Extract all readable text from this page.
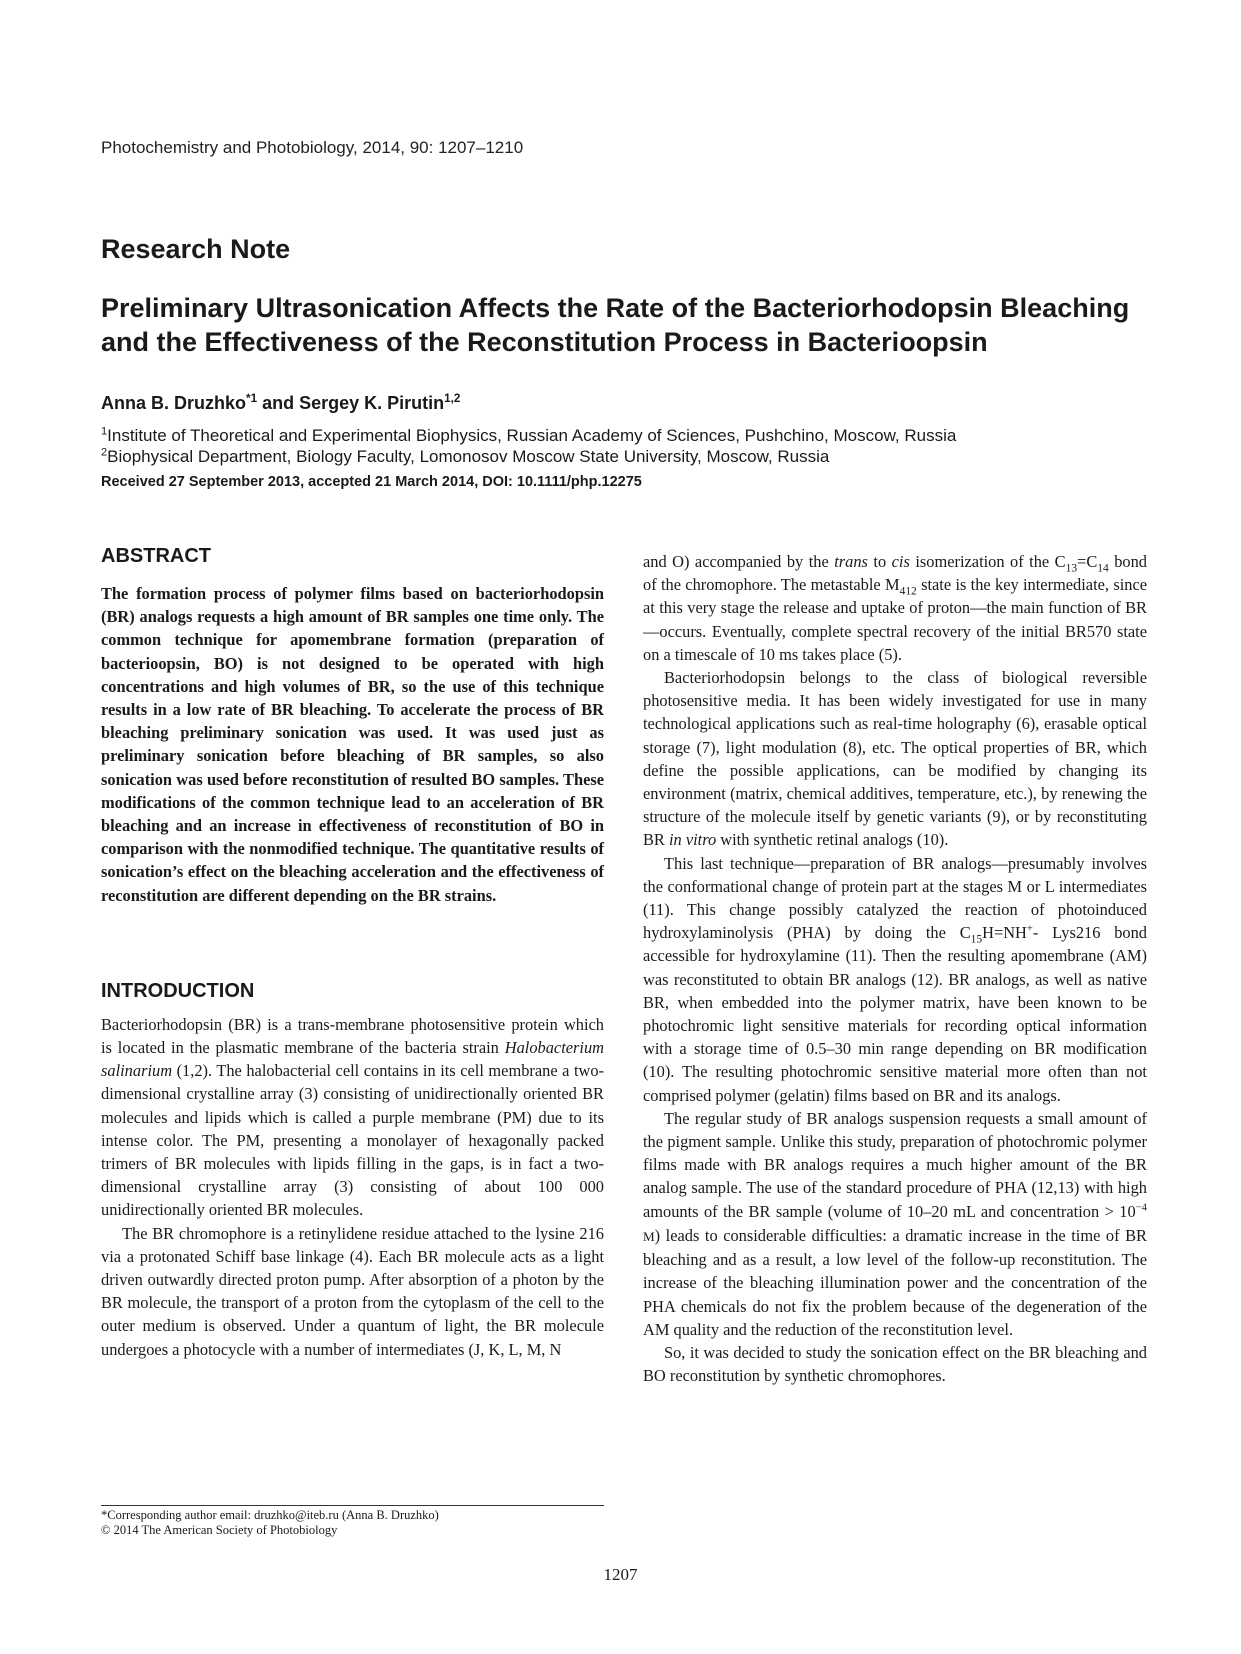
Photochemistry and Photobiology, 2014, 90: 1207–1210
Research Note
Preliminary Ultrasonication Affects the Rate of the Bacteriorhodopsin Bleaching and the Effectiveness of the Reconstitution Process in Bacterioopsin
Anna B. Druzhko$^{*1}$ and Sergey K. Pirutin$^{1,2}$
$^1$Institute of Theoretical and Experimental Biophysics, Russian Academy of Sciences, Pushchino, Moscow, Russia
$^2$Biophysical Department, Biology Faculty, Lomonosov Moscow State University, Moscow, Russia
Received 27 September 2013, accepted 21 March 2014, DOI: 10.1111/php.12275
ABSTRACT

The formation process of polymer films based on bacteriorhodopsin (BR) analogs requests a high amount of BR samples one time only. The common technique for apomembrane formation (preparation of bacterioopsin, BO) is not designed to be operated with high concentrations and high volumes of BR, so the use of this technique results in a low rate of BR bleaching. To accelerate the process of BR bleaching preliminary sonication was used. It was used just as preliminary sonication before bleaching of BR samples, so also sonication was used before reconstitution of resulted BO samples. These modifications of the common technique lead to an acceleration of BR bleaching and an increase in effectiveness of reconstitution of BO in comparison with the nonmodified technique. The quantitative results of sonication’s effect on the bleaching acceleration and the effectiveness of reconstitution are different depending on the BR strains.

INTRODUCTION

Bacteriorhodopsin (BR) is a trans-membrane photosensitive protein which is located in the plasmatic membrane of the bacteria strain Halobacterium salinarium (1,2). The halobacterial cell contains in its cell membrane a two-dimensional crystalline array (3) consisting of unidirectionally oriented BR molecules and lipids which is called a purple membrane (PM) due to its intense color. The PM, presenting a monolayer of hexagonally packed trimers of BR molecules with lipids filling in the gaps, is in fact a two-dimensional crystalline array (3) consisting of about 100 000 unidirectionally oriented BR molecules.

The BR chromophore is a retinylidene residue attached to the lysine 216 via a protonated Schiff base linkage (4). Each BR molecule acts as a light driven outwardly directed proton pump. After absorption of a photon by the BR molecule, the transport of a proton from the cytoplasm of the cell to the outer medium is observed. Under a quantum of light, the BR molecule undergoes a photocycle with a number of intermediates (J, K, L, M, N

and O) accompanied by the trans to cis isomerization of the $C_{13}=C_{14}$ bond of the chromophore. The metastable $M_{412}$ state is the key intermediate, since at this very stage the release and uptake of proton—the main function of BR—occurs. Eventually, complete spectral recovery of the initial BR570 state on a timescale of 10 ms takes place (5).

Bacteriorhodopsin belongs to the class of biological reversible photosensitive media. It has been widely investigated for use in many technological applications such as real-time holography (6), erasable optical storage (7), light modulation (8), etc. The optical properties of BR, which define the possible applications, can be modified by changing its environment (matrix, chemical additives, temperature, etc.), by renewing the structure of the molecule itself by genetic variants (9), or by reconstituting BR in vitro with synthetic retinal analogs (10).

This last technique—preparation of BR analogs—presumably involves the conformational change of protein part at the stages M or L intermediates (11). This change possibly catalyzed the reaction of photoinduced hydroxylaminolysis (PHA) by doing the $C_{15}H=NH^+-$ Lys216 bond accessible for hydroxylamine (11). Then the resulting apomembrane (AM) was reconstituted to obtain BR analogs (12). BR analogs, as well as native BR, when embedded into the polymer matrix, have been known to be photochromic light sensitive materials for recording optical information with a storage time of 0.5–30 min range depending on BR modification (10). The resulting photochromic sensitive material more often than not comprised polymer (gelatin) films based on BR and its analogs.

The regular study of BR analogs suspension requests a small amount of the pigment sample. Unlike this study, preparation of photochromic polymer films made with BR analogs requires a much higher amount of the BR analog sample. The use of the standard procedure of PHA (12,13) with high amounts of the BR sample (volume of 10–20 mL and concentration > $10^{-4}$ M) leads to considerable difficulties: a dramatic increase in the time of BR bleaching and as a result, a low level of the follow-up reconstitution. The increase of the bleaching illumination power and the concentration of the PHA chemicals do not fix the problem because of the degeneration of the AM quality and the reduction of the reconstitution level.

So, it was decided to study the sonication effect on the BR bleaching and BO reconstitution by synthetic chromophores.

*Corresponding author email: druzhko@iteb.ru (Anna B. Druzhko)
© 2014 The American Society of Photobiology
1207
